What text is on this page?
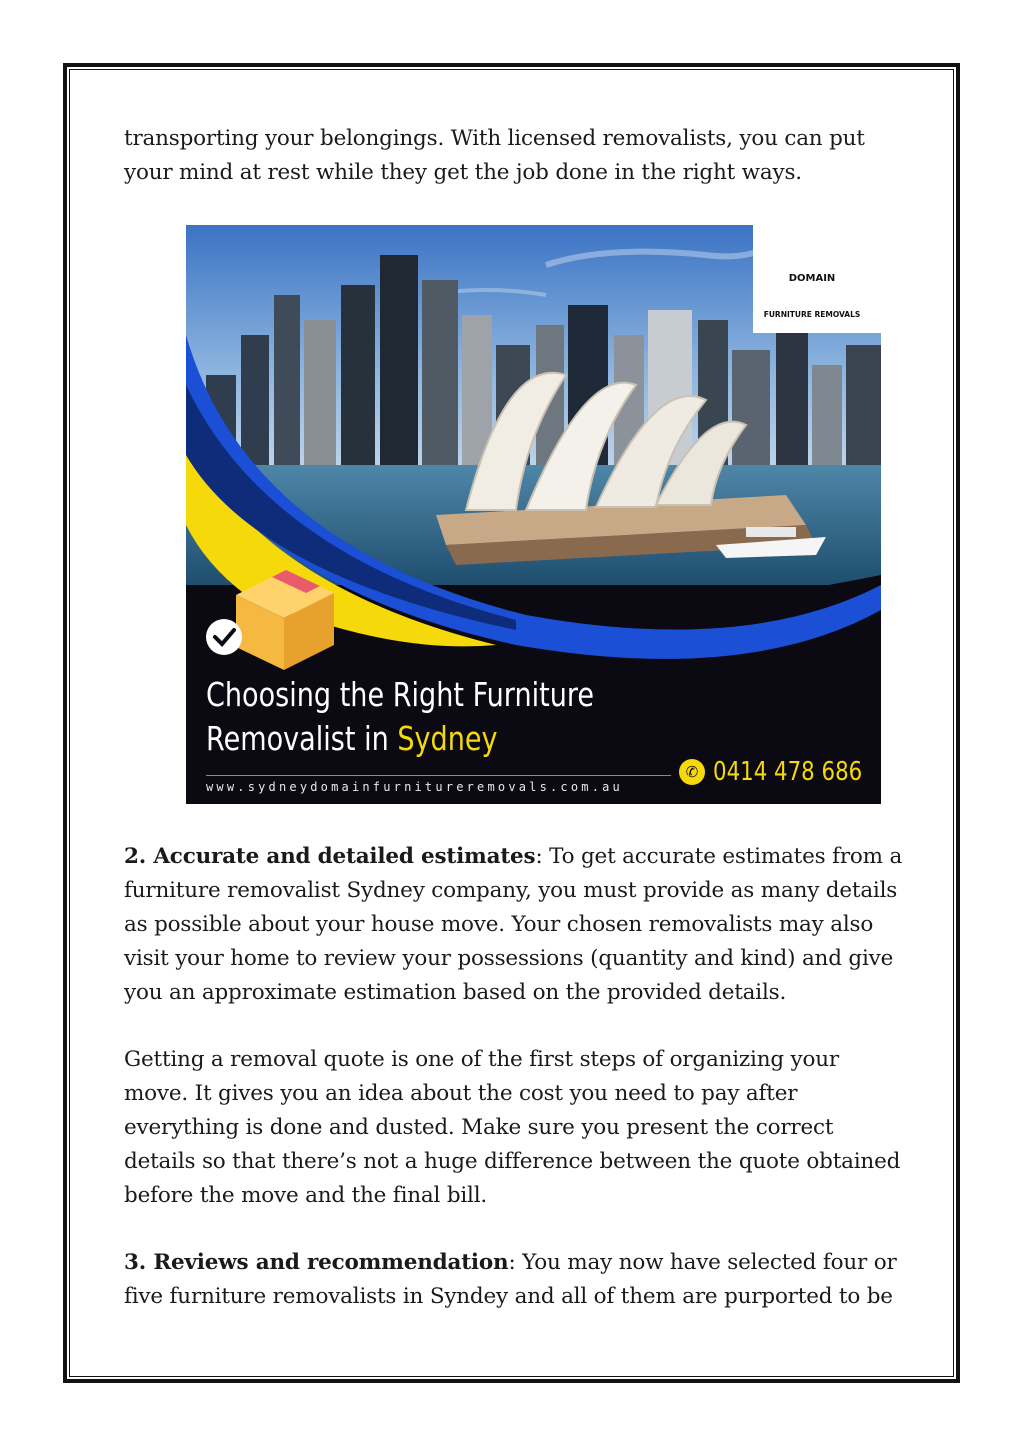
transporting your belongings. With licensed removalists, you can put your mind at rest while they get the job done in the right ways.

SYDNEY
DOMAIN
FURNITURE REMOVALS
Choosing the Right Furniture
Removalist in Sydney
✆ 0414 478 686
www.sydneydomainfurnitureremovals.com.au

2. Accurate and detailed estimates: To get accurate estimates from a furniture removalist Sydney company, you must provide as many details as possible about your house move. Your chosen removalists may also visit your home to review your possessions (quantity and kind) and give you an approximate estimation based on the provided details.

Getting a removal quote is one of the first steps of organizing your move. It gives you an idea about the cost you need to pay after everything is done and dusted. Make sure you present the correct details so that there’s not a huge difference between the quote obtained before the move and the final bill.

3. Reviews and recommendation: You may now have selected four or five furniture removalists in Syndey and all of them are purported to be
